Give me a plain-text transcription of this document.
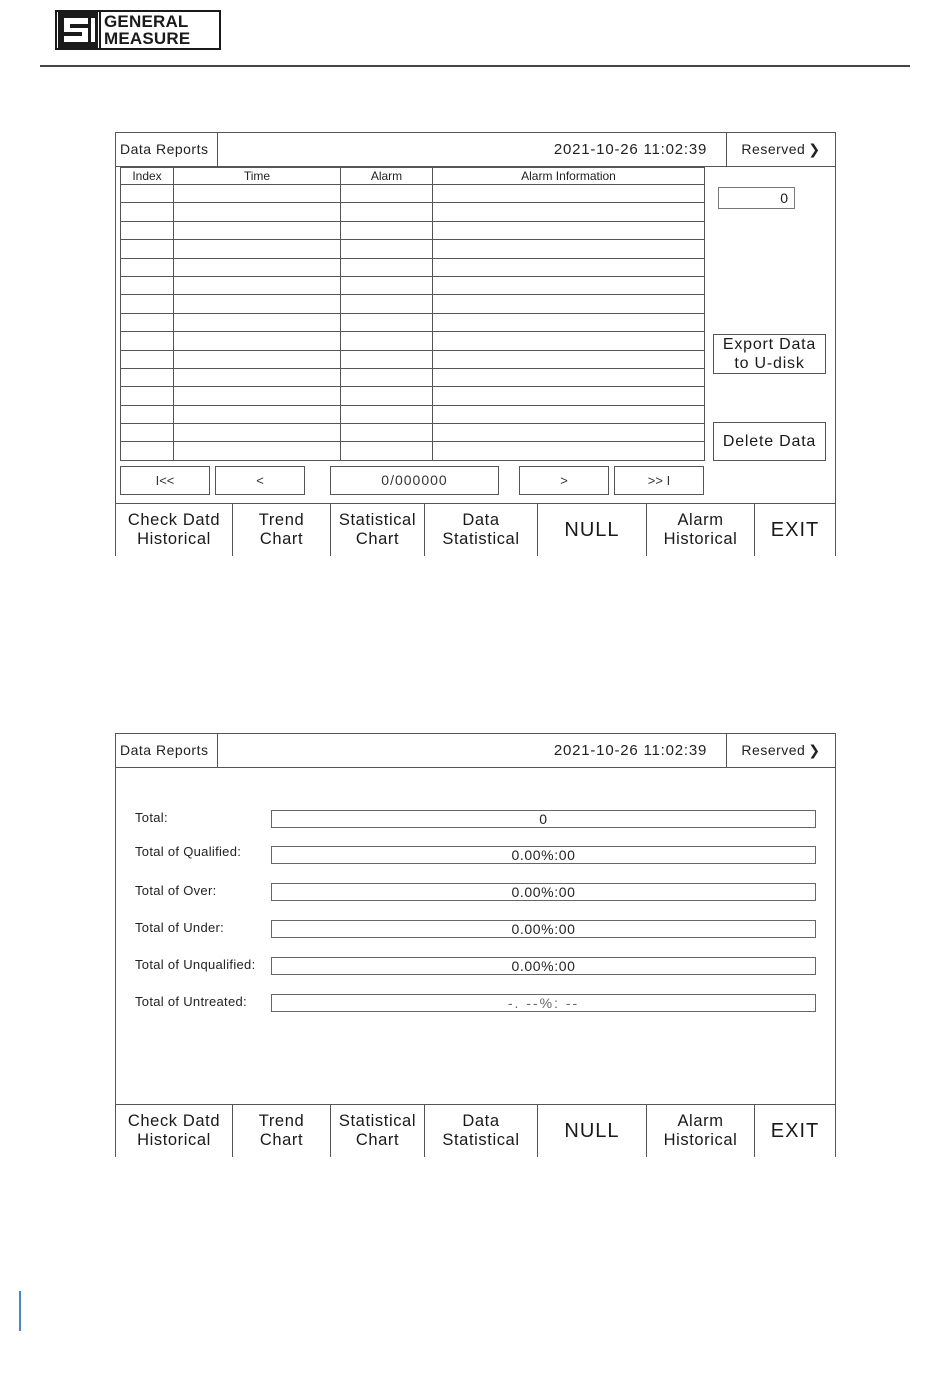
GENERAL
MEASURE
Data Reports	2021-10-26 11:02:39	Reserved ❯
Index	Time	Alarm	Alarm Information

0
Export Data
to U-disk
Delete Data
I<<	<	0/000000	>	>> I
Check Datd
Historical
Trend
Chart
Statistical
Chart
Data
Statistical NULL	Alarm
Historical EXIT
Data Reports	2021-10-26 11:02:39	Reserved ❯
Total:	0
Total of Qualified:	0.00%:00
Total of Over:	0.00%:00
Total of Under:	0.00%:00
Total of Unqualified:	0.00%:00
Total of Untreated:	-. --%: --
Check Datd
Historical
Trend
Chart
Statistical
Chart
Data
Statistical NULL	Alarm
Historical EXIT
